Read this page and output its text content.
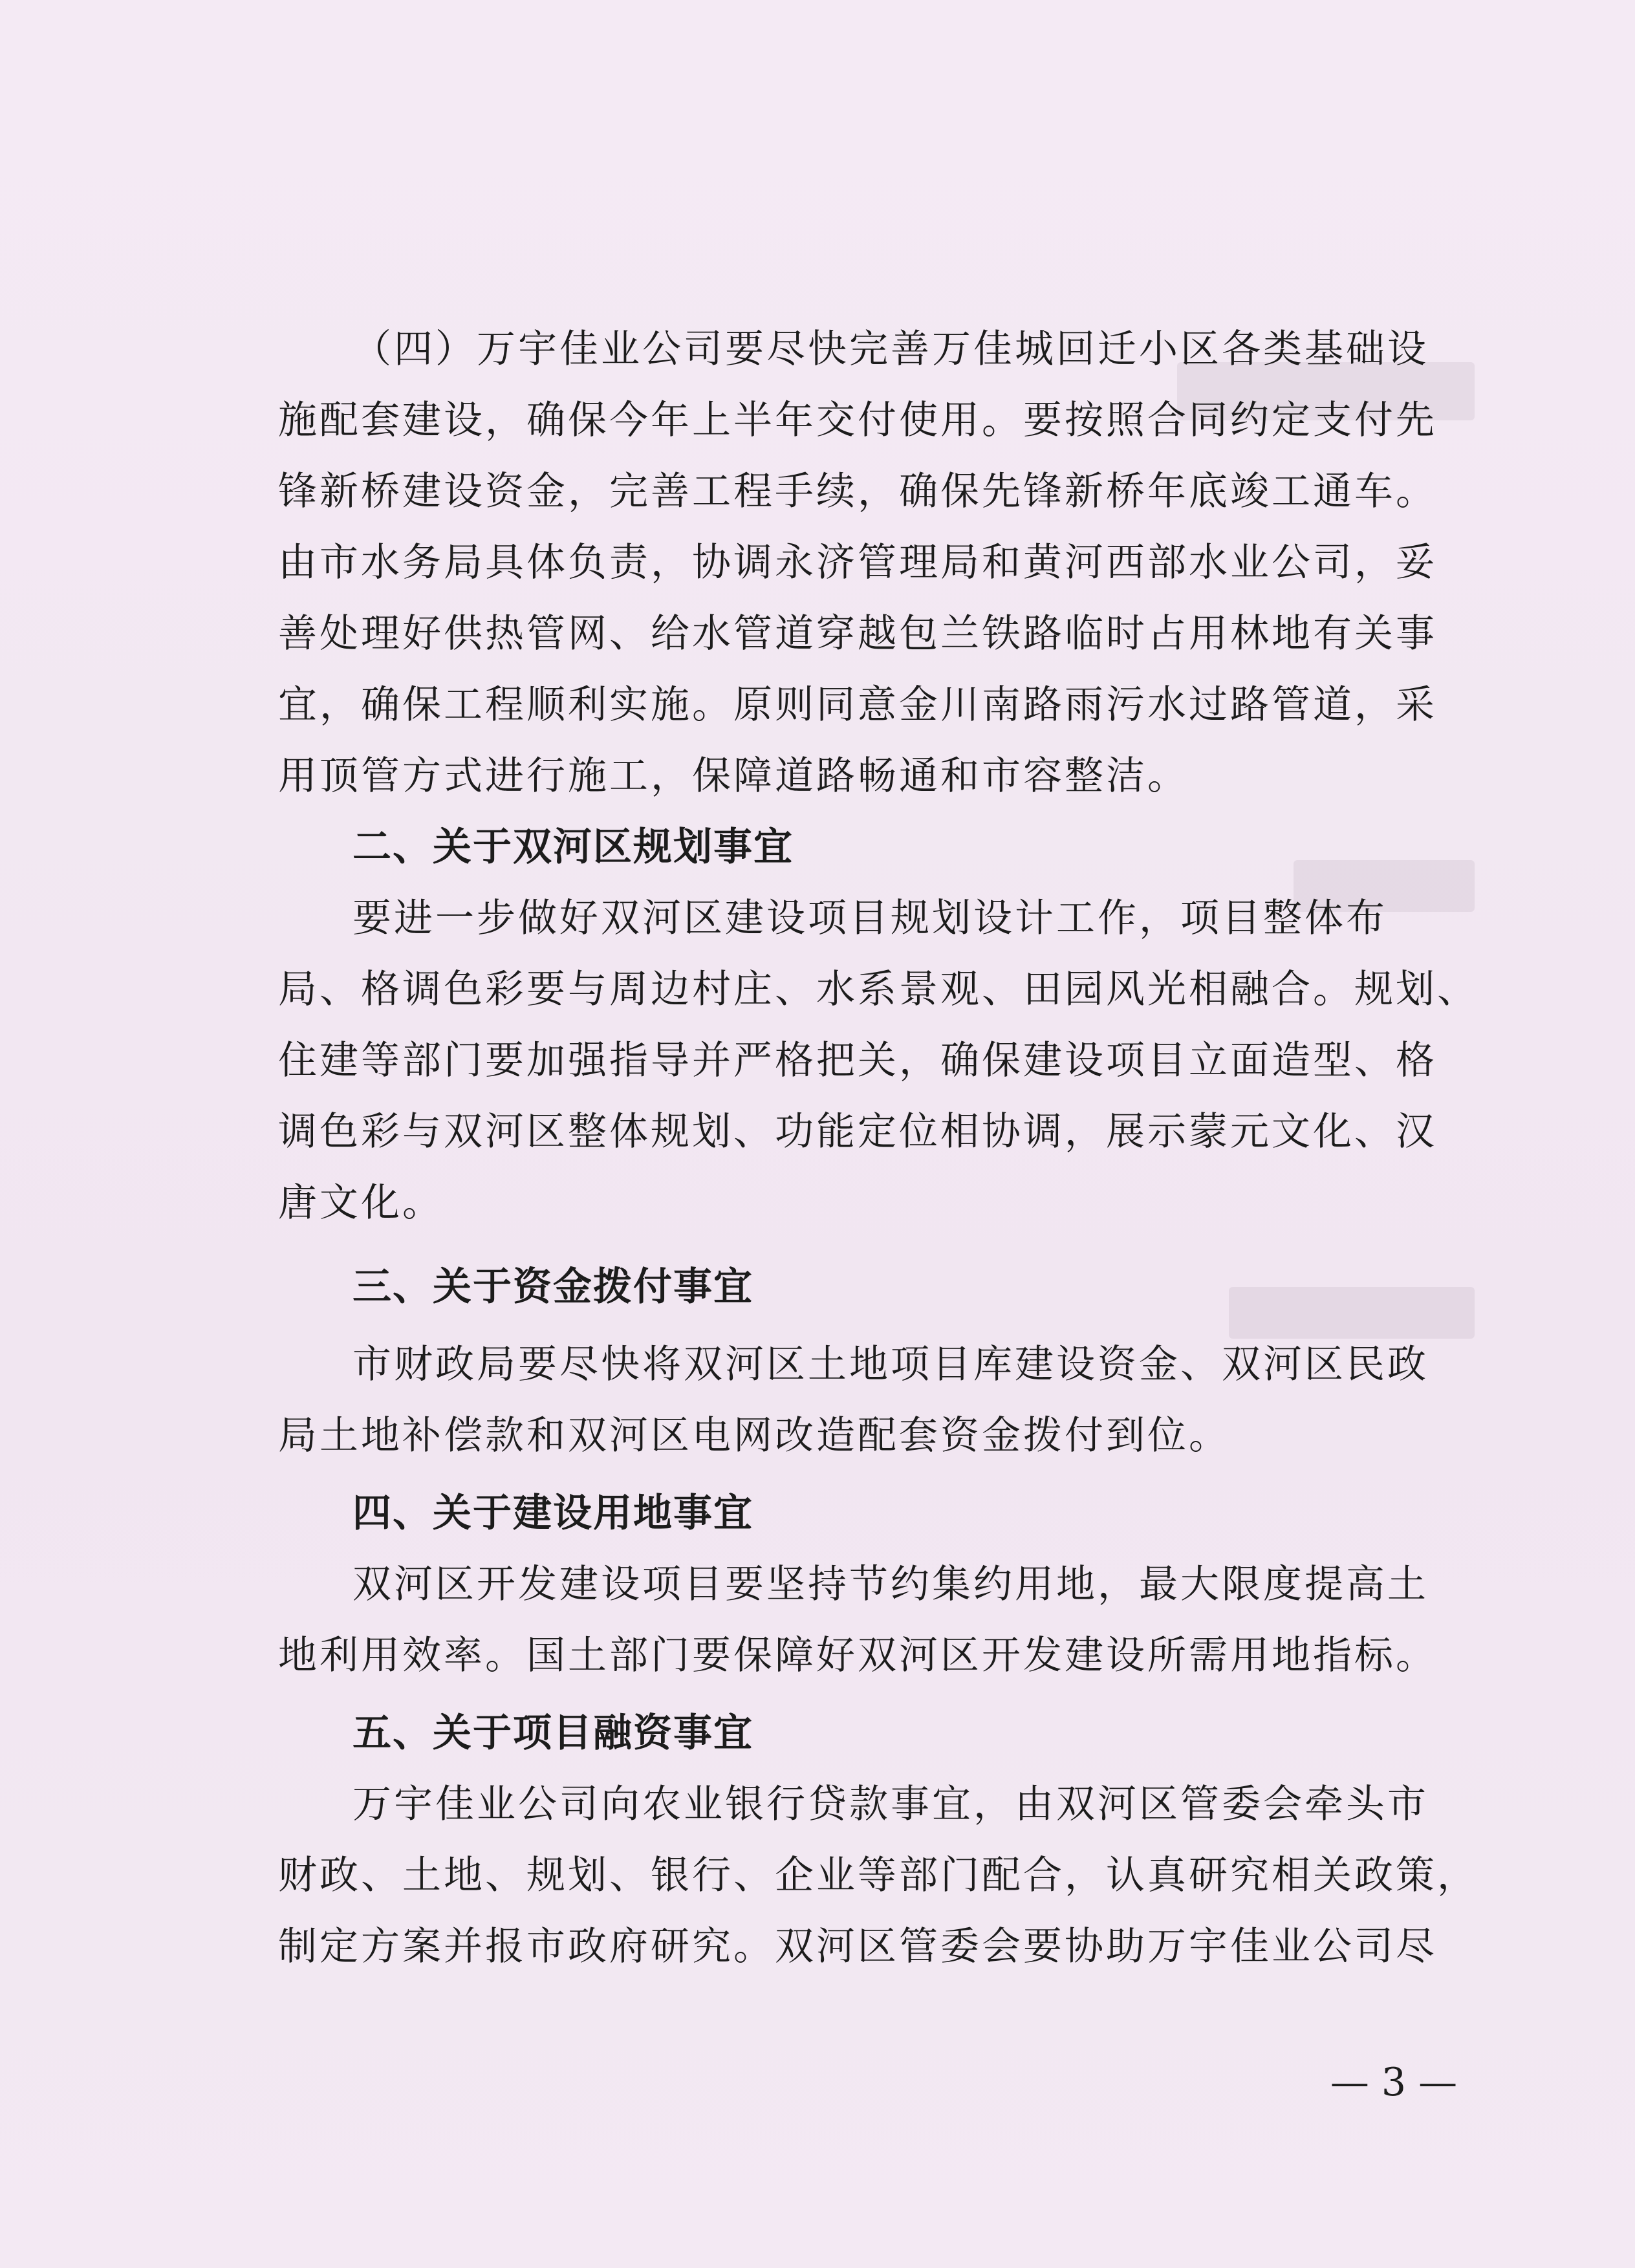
（四）万宇佳业公司要尽快完善万佳城回迁小区各类基础设
施配套建设，确保今年上半年交付使用。要按照合同约定支付先
锋新桥建设资金，完善工程手续，确保先锋新桥年底竣工通车。
由市水务局具体负责，协调永济管理局和黄河西部水业公司，妥
善处理好供热管网、给水管道穿越包兰铁路临时占用林地有关事
宜，确保工程顺利实施。原则同意金川南路雨污水过路管道，采
用顶管方式进行施工，保障道路畅通和市容整洁。
二、关于双河区规划事宜
要进一步做好双河区建设项目规划设计工作，项目整体布
局、格调色彩要与周边村庄、水系景观、田园风光相融合。规划、
住建等部门要加强指导并严格把关，确保建设项目立面造型、格
调色彩与双河区整体规划、功能定位相协调，展示蒙元文化、汉
唐文化。
三、关于资金拨付事宜
市财政局要尽快将双河区土地项目库建设资金、双河区民政
局土地补偿款和双河区电网改造配套资金拨付到位。
四、关于建设用地事宜
双河区开发建设项目要坚持节约集约用地，最大限度提高土
地利用效率。国土部门要保障好双河区开发建设所需用地指标。
五、关于项目融资事宜
万宇佳业公司向农业银行贷款事宜，由双河区管委会牵头市
财政、土地、规划、银行、企业等部门配合，认真研究相关政策，
制定方案并报市政府研究。双河区管委会要协助万宇佳业公司尽
— 3 —
